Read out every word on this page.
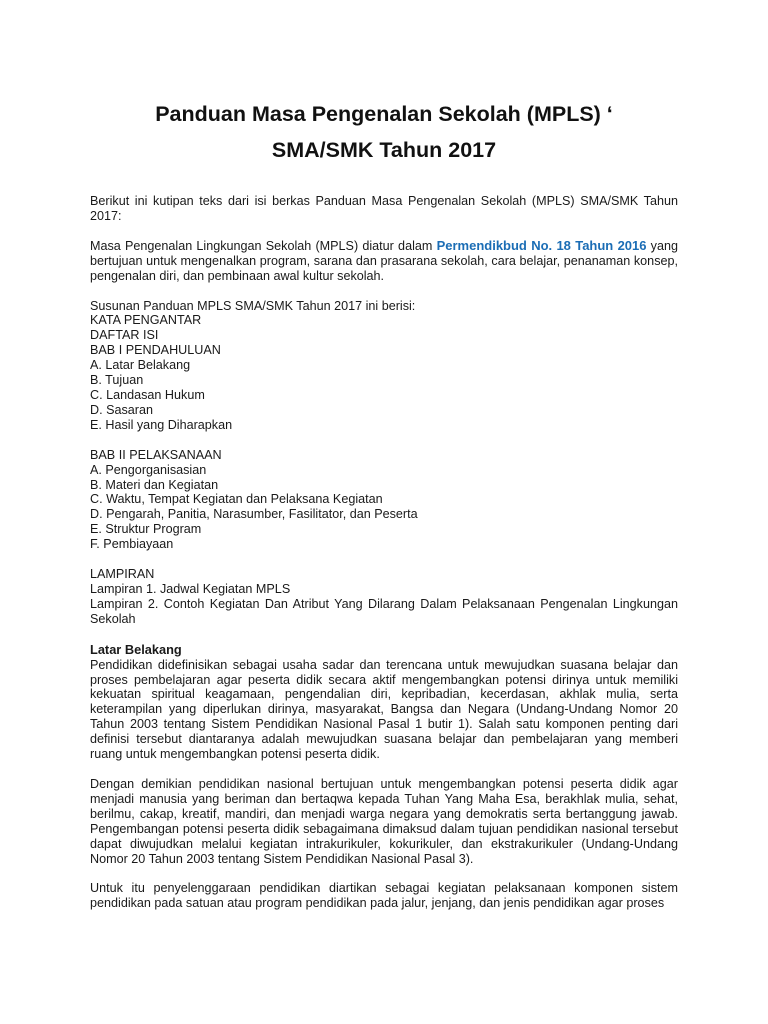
Panduan Masa Pengenalan Sekolah (MPLS) ‘
SMA/SMK Tahun 2017

Berikut ini kutipan teks dari isi berkas Panduan Masa Pengenalan Sekolah (MPLS) SMA/SMK Tahun 2017:

Masa Pengenalan Lingkungan Sekolah (MPLS) diatur dalam Permendikbud No. 18 Tahun 2016 yang bertujuan untuk mengenalkan program, sarana dan prasarana sekolah, cara belajar, penanaman konsep, pengenalan diri, dan pembinaan awal kultur sekolah.

Susunan Panduan MPLS SMA/SMK Tahun 2017 ini berisi:
KATA PENGANTAR
DAFTAR ISI
BAB I PENDAHULUAN
A. Latar Belakang
B. Tujuan
C. Landasan Hukum
D. Sasaran
E. Hasil yang Diharapkan
BAB II PELAKSANAAN
A. Pengorganisasian
B. Materi dan Kegiatan
C. Waktu, Tempat Kegiatan dan Pelaksana Kegiatan
D. Pengarah, Panitia, Narasumber, Fasilitator, dan Peserta
E. Struktur Program
F. Pembiayaan
LAMPIRAN
Lampiran 1. Jadwal Kegiatan MPLS
Lampiran 2. Contoh Kegiatan Dan Atribut Yang Dilarang Dalam Pelaksanaan Pengenalan Lingkungan Sekolah

Latar Belakang

Pendidikan didefinisikan sebagai usaha sadar dan terencana untuk mewujudkan suasana belajar dan proses pembelajaran agar peserta didik secara aktif mengembangkan potensi dirinya untuk memiliki kekuatan spiritual keagamaan, pengendalian diri, kepribadian, kecerdasan, akhlak mulia, serta keterampilan yang diperlukan dirinya, masyarakat, Bangsa dan Negara (Undang-Undang Nomor 20 Tahun 2003 tentang Sistem Pendidikan Nasional Pasal 1 butir 1). Salah satu komponen penting dari definisi tersebut diantaranya adalah mewujudkan suasana belajar dan pembelajaran yang memberi ruang untuk mengembangkan potensi peserta didik.

Dengan demikian pendidikan nasional bertujuan untuk mengembangkan potensi peserta didik agar menjadi manusia yang beriman dan bertaqwa kepada Tuhan Yang Maha Esa, berakhlak mulia, sehat, berilmu, cakap, kreatif, mandiri, dan menjadi warga negara yang demokratis serta bertanggung jawab. Pengembangan potensi peserta didik sebagaimana dimaksud dalam tujuan pendidikan nasional tersebut dapat diwujudkan melalui kegiatan intrakurikuler, kokurikuler, dan ekstrakurikuler (Undang-Undang Nomor 20 Tahun 2003 tentang Sistem Pendidikan Nasional Pasal 3).

Untuk itu penyelenggaraan pendidikan diartikan sebagai kegiatan pelaksanaan komponen sistem pendidikan pada satuan atau program pendidikan pada jalur, jenjang, dan jenis pendidikan agar proses
